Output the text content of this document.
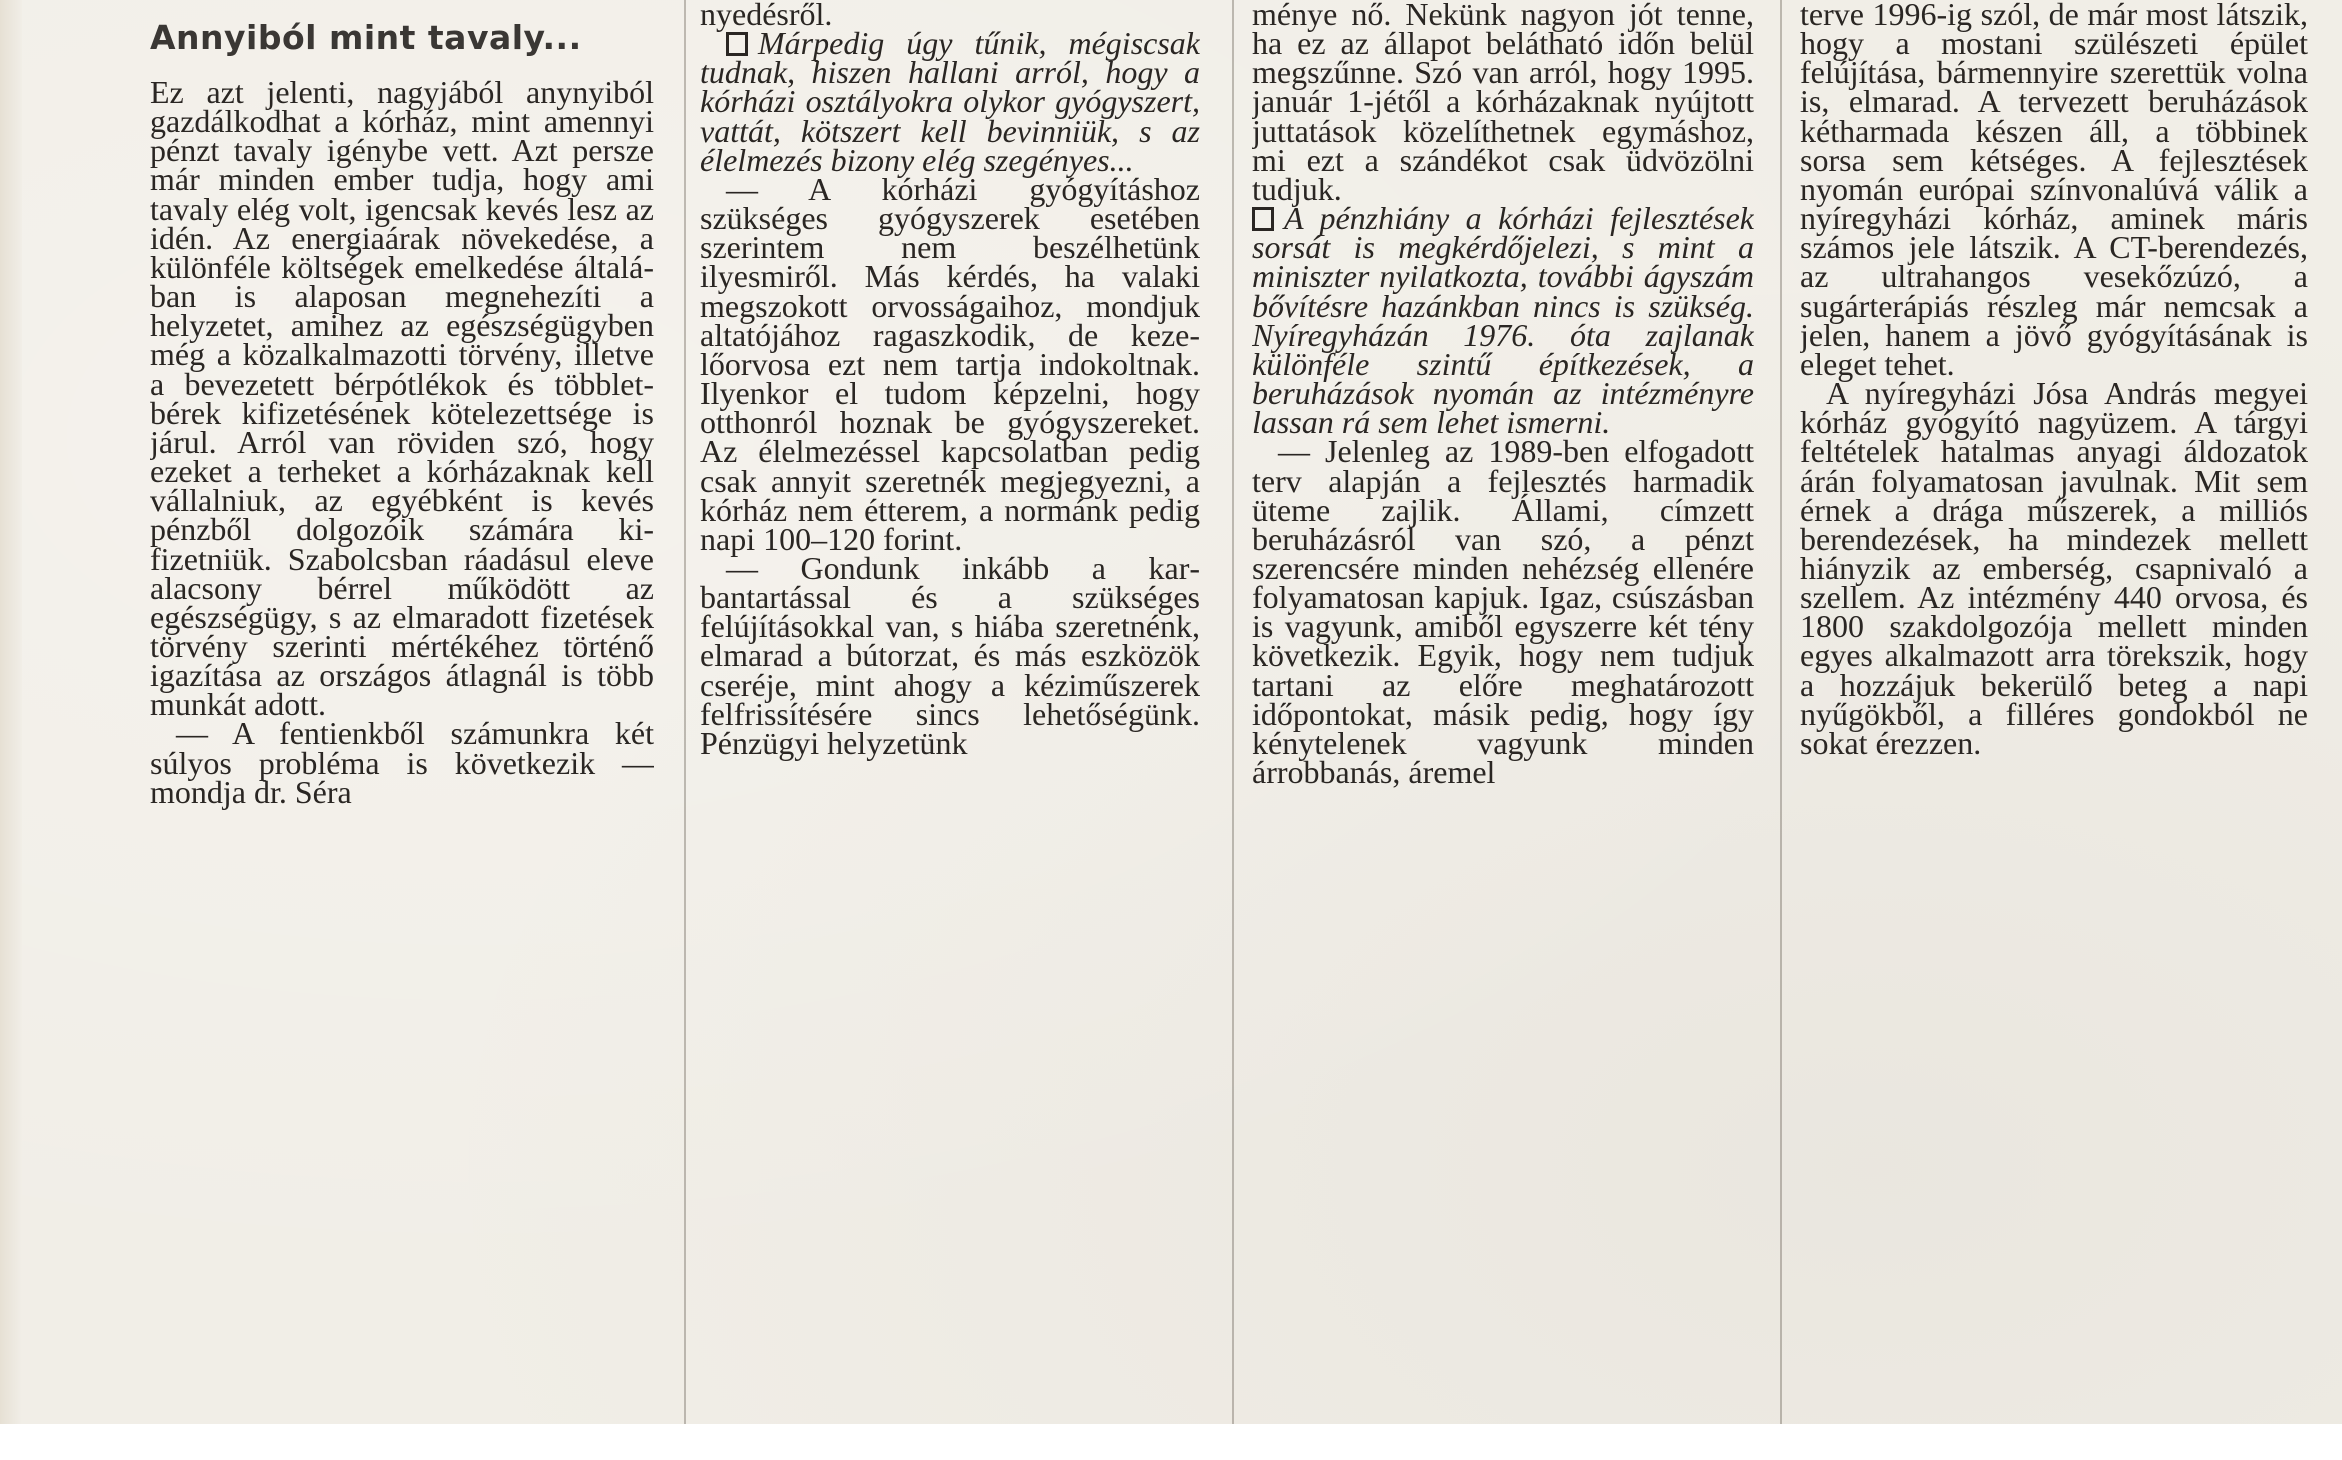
Annyiból mint tavaly...

Ez azt jelenti, nagyjából anynyiból gazdálkodhat a kórház, mint amennyi pénzt tavaly igénybe vett. Azt persze már minden ember tudja, hogy ami tavaly elég volt, igencsak kevés lesz az idén. Az energiaárak növekedése, a különféle költségek emelkedése általában is alaposan megnehezíti a helyzetet, amihez az egészségügyben még a közalkalmazotti törvény, illetve a bevezetett bérpótlékok és többletbérek kifizetésének kötelezettsége is járul. Arról van röviden szó, hogy ezeket a terheket a kórházaknak kell vállalniuk, az egyébként is kevés pénzből dolgozóik számára kifizetniük. Szabolcsban ráadásul eleve alacsony bérrel működött az egészségügy, s az elmaradott fizetések törvény szerinti mértékéhez történő igazítása az országos átlagnál is több munkát adott.

— A fentienkből számunkra két súlyos probléma is következik — mondja dr. Séra

nyedésről.

Márpedig úgy tűnik, mégiscsak tudnak, hiszen hallani arról, hogy a kórházi osztályokra olykor gyógyszert, vattát, kötszert kell bevinniük, s az élelmezés bizony elég szegényes...

— A kórházi gyógyításhoz szükséges gyógyszerek esetében szerintem nem beszélhetünk ilyesmiről. Más kérdés, ha valaki megszokott orvosságaihoz, mondjuk altatójához ragaszkodik, de kezelőorvosa ezt nem tartja indokoltnak. Ilyenkor el tudom képzelni, hogy otthonról hoznak be gyógyszereket. Az élelmezéssel kapcsolatban pedig csak annyit szeretnék megjegyezni, a kórház nem étterem, a normánk pedig napi 100–120 forint.

— Gondunk inkább a karbantartással és a szükséges felújításokkal van, s hiába szeretnénk, elmarad a bútorzat, és más eszközök cseréje, mint ahogy a kéziműszerek felfrissítésére sincs lehetőségünk. Pénzügyi helyzetünk

ménye nő. Nekünk nagyon jót tenne, ha ez az állapot belátható időn belül megszűnne. Szó van arról, hogy 1995. január 1-jétől a kórházaknak nyújtott juttatások közelíthetnek egymáshoz, mi ezt a szándékot csak üdvözölni tudjuk.

A pénzhiány a kórházi fejlesztések sorsát is megkérdőjelezi, s mint a miniszter nyilatkozta, további ágyszám bővítésre hazánkban nincs is szükség. Nyíregyházán 1976. óta zajlanak különféle szintű építkezések, a beruházások nyomán az intézményre lassan rá sem lehet ismerni.

— Jelenleg az 1989-ben elfogadott terv alapján a fejlesztés harmadik üteme zajlik. Állami, címzett beruházásról van szó, a pénzt szerencsére minden nehézség ellenére folyamatosan kapjuk. Igaz, csúszásban is vagyunk, amiből egyszerre két tény következik. Egyik, hogy nem tudjuk tartani az előre meghatározott időpontokat, másik pedig, hogy így kénytelenek vagyunk minden árrobbanás, áremel

terve 1996-ig szól, de már most látszik, hogy a mostani szülészeti épület felújítása, bármennyire szerettük volna is, elmarad. A tervezett beruházások kétharmada készen áll, a többinek sorsa sem kétséges. A fejlesztések nyomán európai színvonalúvá válik a nyíregyházi kórház, aminek máris számos jele látszik. A CT-berendezés, az ultrahangos vesekőzúzó, a sugárterápiás részleg már nemcsak a jelen, hanem a jövő gyógyításának is eleget tehet.

A nyíregyházi Jósa András megyei kórház gyógyító nagyüzem. A tárgyi feltételek hatalmas anyagi áldozatok árán folyamatosan javulnak. Mit sem érnek a drága műszerek, a milliós berendezések, ha mindezek mellett hiányzik az emberség, csapnivaló a szellem. Az intézmény 440 orvosa, és 1800 szakdolgozója mellett minden egyes alkalmazott arra törekszik, hogy a hozzájuk bekerülő beteg a napi nyűgökből, a filléres gondokból ne sokat érezzen.
